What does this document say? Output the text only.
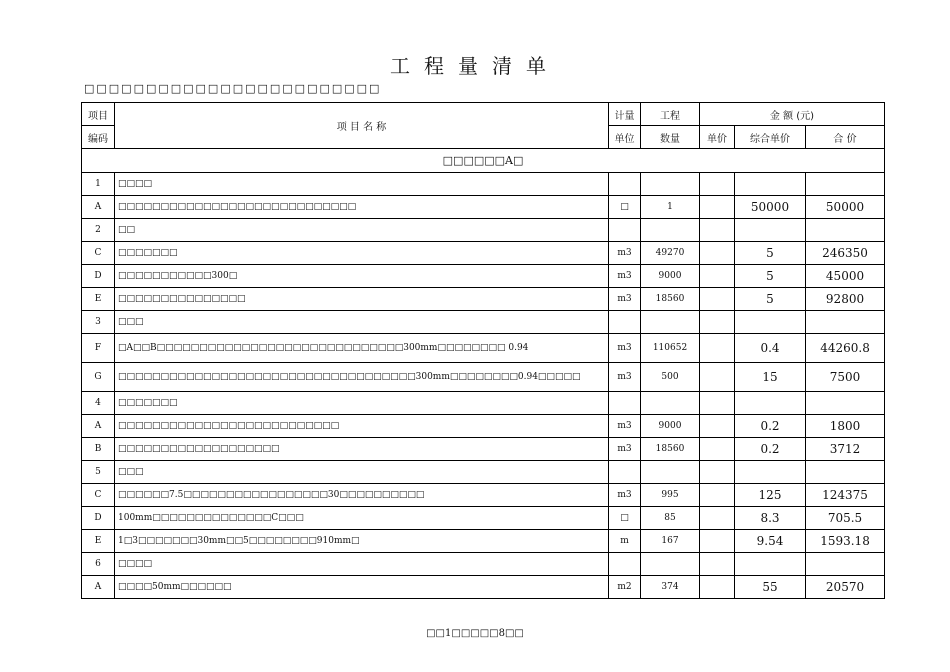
工程量清单
□□□□□□□□□□□□□□□□□□□□□□□□
项目	项 目 名 称	计量	工程	金 额 (元)		
编码		单位	数量	单价	综合单价	合 价
□□□□□□A□						
1	□□□□					
A	□□□□□□□□□□□□□□□□□□□□□□□□□□□□	□	1		50000	50000
2	□□					
C	□□□□□□□	m3	49270		5	246350
D	□□□□□□□□□□□300□	m3	9000		5	45000
E	□□□□□□□□□□□□□□□	m3	18560		5	92800
3	□□□					
F	□A□□B□□□□□□□□□□□□□□□□□□□□□□□□□□□□□300mm□□□□□□□□ 0.94	m3	110652		0.4	44260.8
G	□□□□□□□□□□□□□□□□□□□□□□□□□□□□□□□□□□□300mm□□□□□□□□0.94□□□□□	m3	500		15	7500
4	□□□□□□□					
A	□□□□□□□□□□□□□□□□□□□□□□□□□□	m3	9000		0.2	1800
B	□□□□□□□□□□□□□□□□□□□	m3	18560		0.2	3712
5	□□□					
C	□□□□□□7.5□□□□□□□□□□□□□□□□□30□□□□□□□□□□	m3	995		125	124375
D	100mm□□□□□□□□□□□□□□C□□□	□	85		8.3	705.5
E	1□3□□□□□□□30mm□□5□□□□□□□□910mm□	m	167		9.54	1593.18
6	□□□□					
A	□□□□50mm□□□□□□	m2	374		55	20570
□□1□□□□□8□□
